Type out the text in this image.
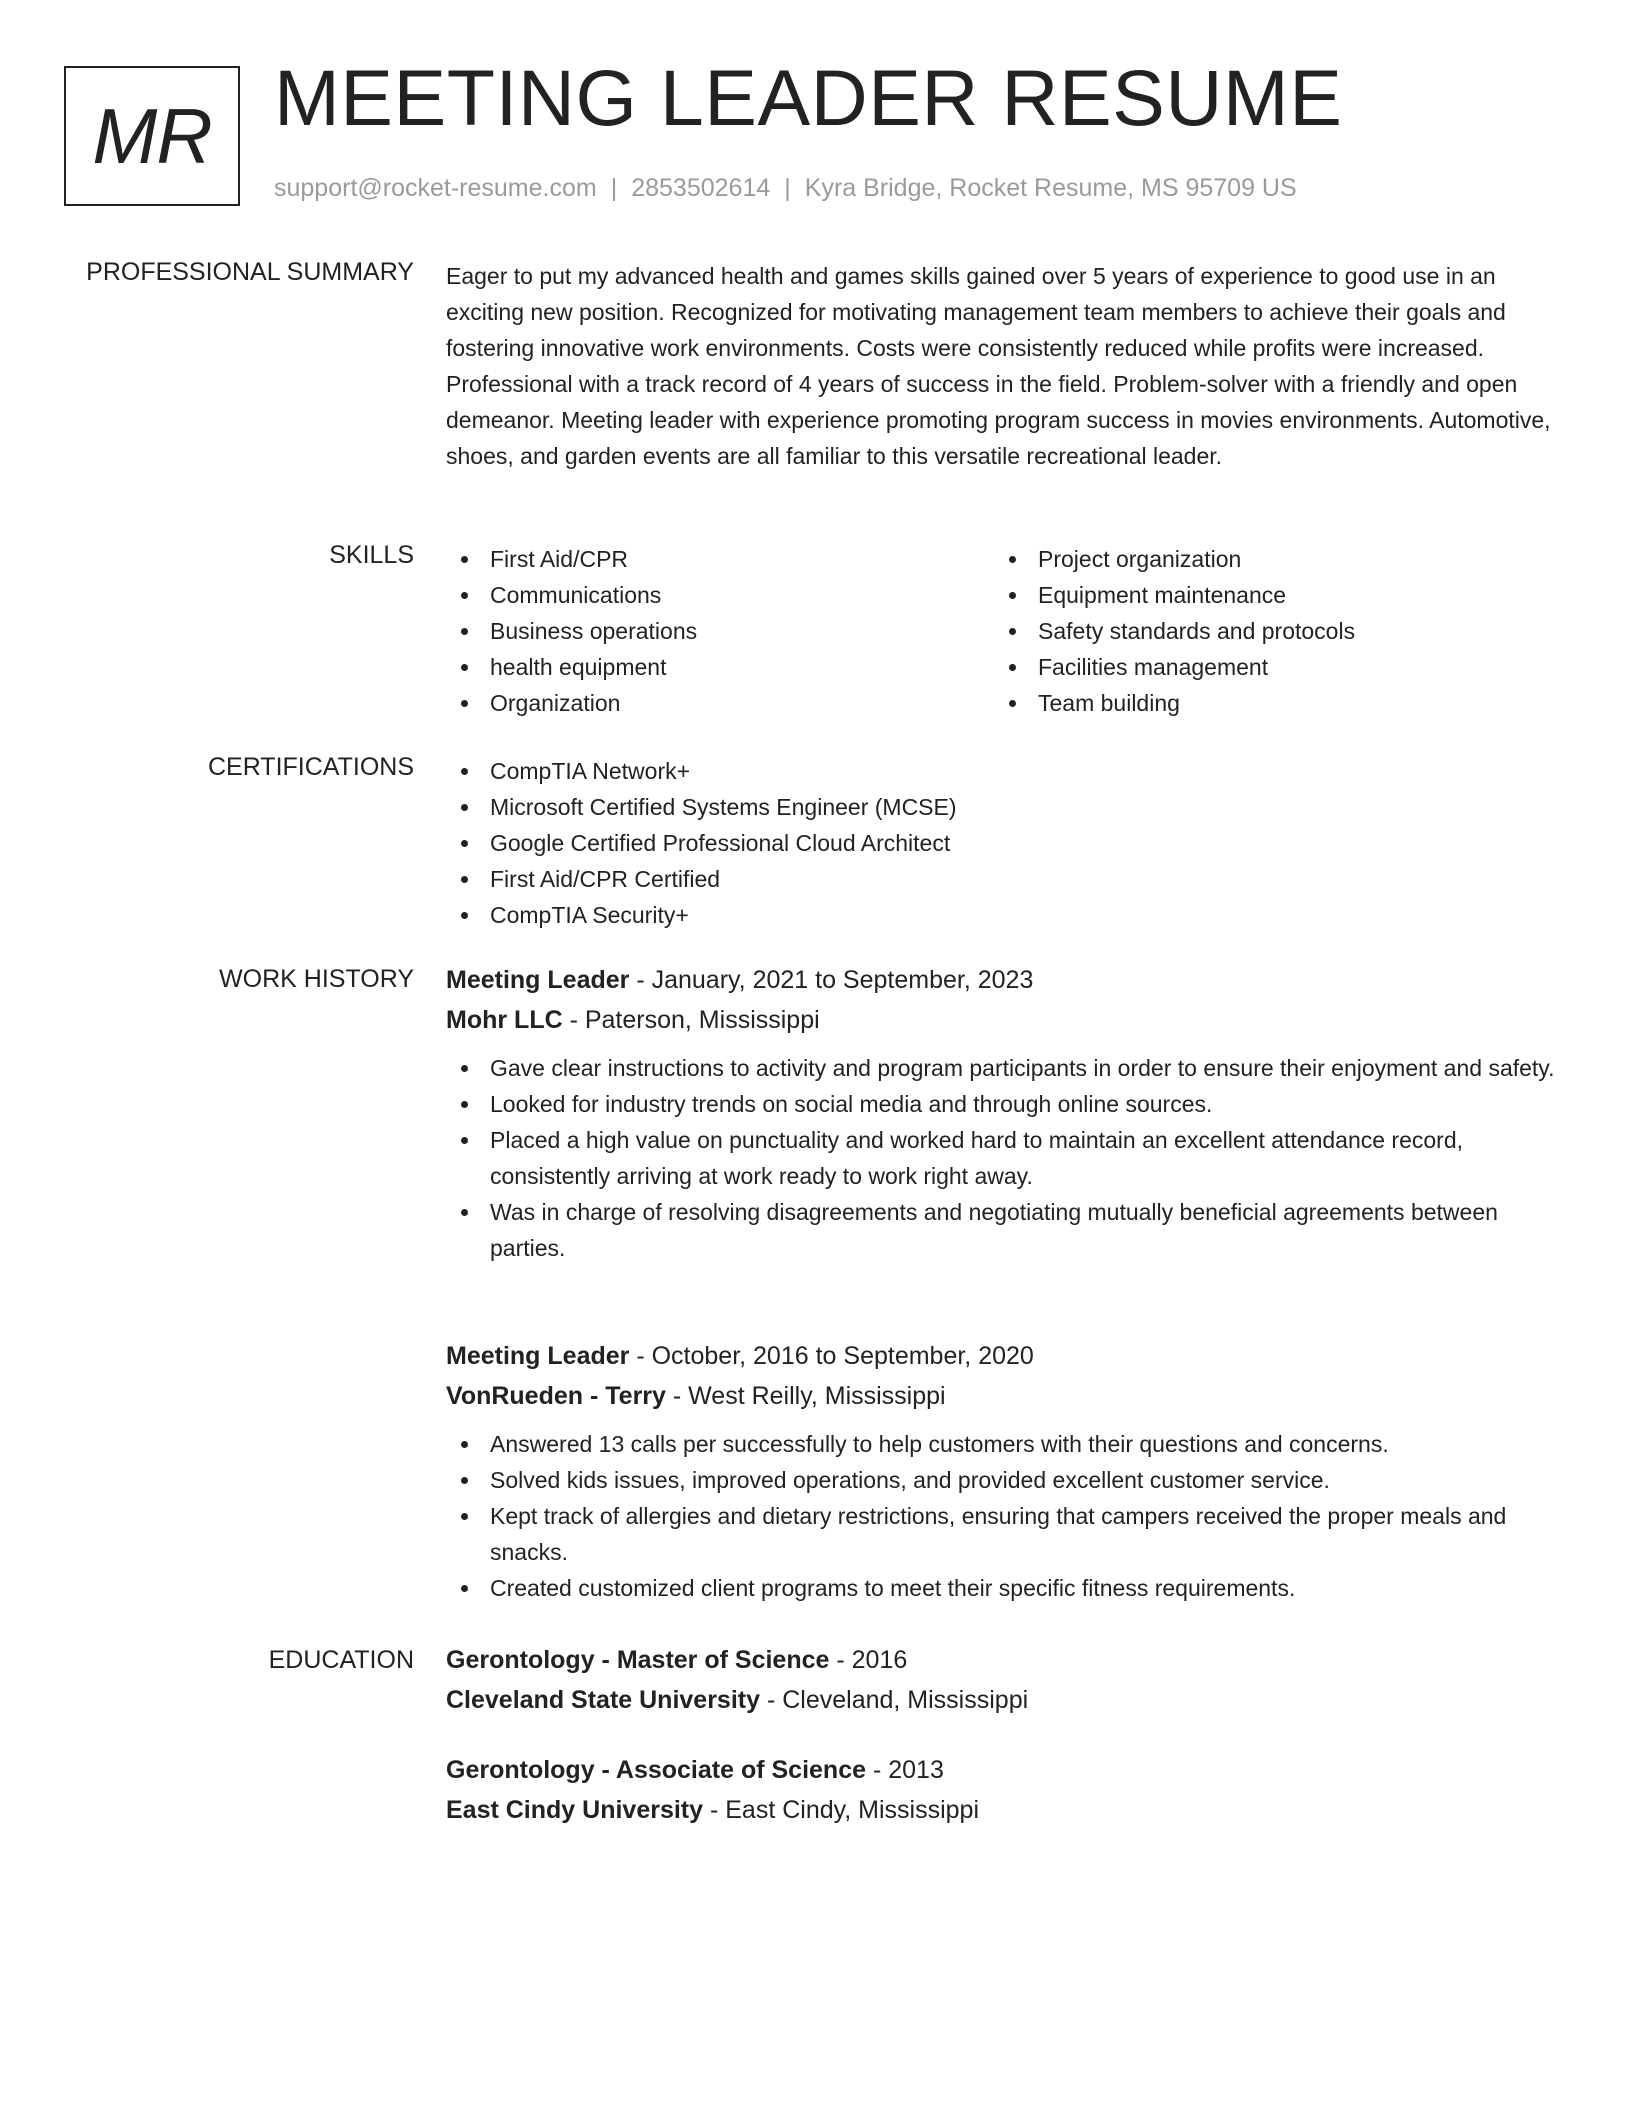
MR MEETING LEADER RESUME
support@rocket-resume.com | 2853502614 | Kyra Bridge, Rocket Resume, MS 95709 US
PROFESSIONAL SUMMARY Eager to put my advanced health and games skills gained over 5 years of experience to good use in an exciting new position. Recognized for motivating management team members to achieve their goals and fostering innovative work environments. Costs were consistently reduced while profits were increased. Professional with a track record of 4 years of success in the field. Problem-solver with a friendly and open demeanor. Meeting leader with experience promoting program success in movies environments. Automotive, shoes, and garden events are all familiar to this versatile recreational leader.
SKILLS	First Aid/CPR
Communications
Business operations
health equipment
Organization
Project organization
Equipment maintenance
Safety standards and protocols
Facilities management
Team building
CERTIFICATIONS	CompTIA Network+
Microsoft Certified Systems Engineer (MCSE)
Google Certified Professional Cloud Architect
First Aid/CPR Certified
CompTIA Security+
WORK HISTORY Meeting Leader - January, 2021 to September, 2023
Mohr LLC - Paterson, Mississippi
Gave clear instructions to activity and program participants in order to ensure their enjoyment and safety.
Looked for industry trends on social media and through online sources.
Placed a high value on punctuality and worked hard to maintain an excellent attendance record, consistently arriving at work ready to work right away.
Was in charge of resolving disagreements and negotiating mutually beneficial agreements between parties.
Meeting Leader - October, 2016 to September, 2020
VonRueden - Terry - West Reilly, Mississippi
Answered 13 calls per successfully to help customers with their questions and concerns.
Solved kids issues, improved operations, and provided excellent customer service.
Kept track of allergies and dietary restrictions, ensuring that campers received the proper meals and snacks.
Created customized client programs to meet their specific fitness requirements.
EDUCATION Gerontology - Master of Science - 2016
Cleveland State University - Cleveland, Mississippi
Gerontology - Associate of Science - 2013
East Cindy University - East Cindy, Mississippi
